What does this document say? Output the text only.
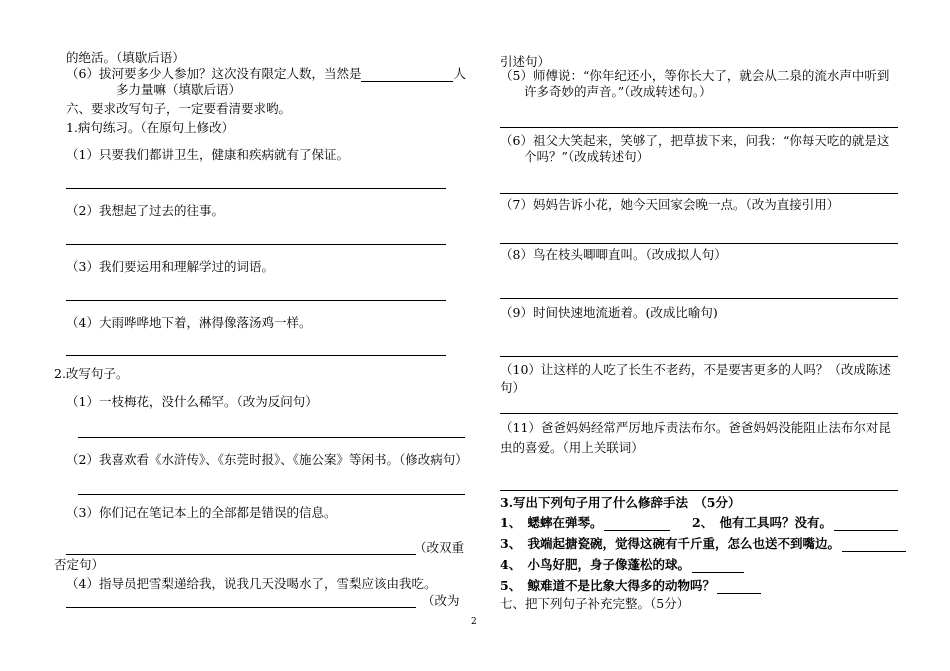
的绝活。（填歇后语）
（6）拔河要多少人参加？这次没有限定人数，当然是	人
多力量嘛（填歇后语）
六、要求改写句子，一定要看清要求哟。
1.病句练习。（在原句上修改）
（1）只要我们都讲卫生，健康和疾病就有了保证。
（2）我想起了过去的往事。
（3）我们要运用和理解学过的词语。
（4）大雨哗哗地下着，淋得像落汤鸡一样。
2.改写句子。
（1）一枝梅花，没什么稀罕。（改为反问句）
（2）我喜欢看《水浒传》、《东莞时报》、《施公案》等闲书。（修改病句）
（3）你们记在笔记本上的全部都是错误的信息。
（改双重
否定句）
（4）指导员把雪梨递给我，说我几天没喝水了，雪梨应该由我吃。
（改为
引述句）
（5）师傅说：“你年纪还小，等你长大了，就会从二泉的流水声中听到
许多奇妙的声音。”（改成转述句。）
（6）祖父大笑起来，笑够了，把草拔下来，问我：“你每天吃的就是这
个吗？”（改成转述句）
（7）妈妈告诉小花，她今天回家会晚一点。（改为直接引用）
（8）鸟在枝头唧唧直叫。（改成拟人句）
（9）时间快速地流逝着。(改成比喻句)
（10）让这样的人吃了长生不老药，不是要害更多的人吗？（改成陈述
句）
（11）爸爸妈妈经常严厉地斥责法布尔。爸爸妈妈没能阻止法布尔对昆
虫的喜爱。（用上关联词）
3.写出下列句子用了什么修辞手法　（5分）
1、　蟋蟀在弹琴。	2、　他有工具吗？没有。
3、　我端起搪瓷碗，觉得这碗有千斤重，怎么也送不到嘴边。
4、　小鸟好肥，身子像蓬松的球。
5、　鲸难道不是比象大得多的动物吗？
七、把下列句子补充完整。（5分）
2
